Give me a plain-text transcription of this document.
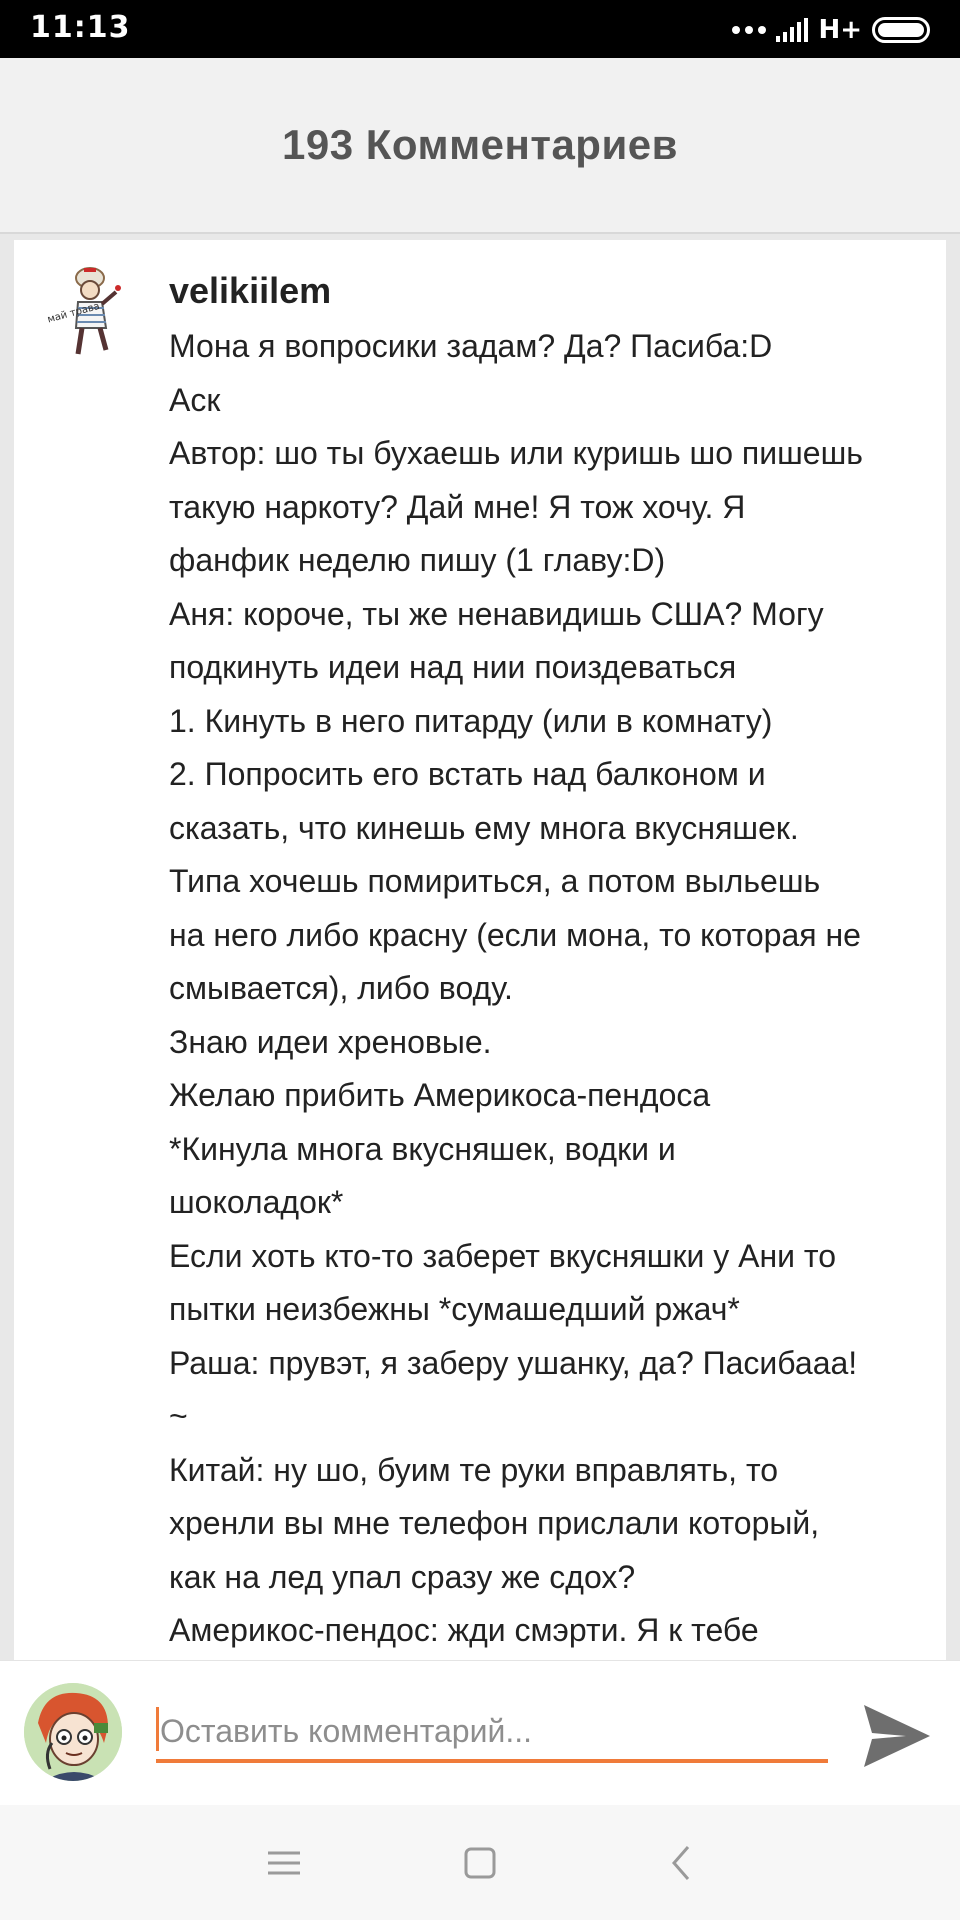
11:13	H+
193 Комментариев
май трава
velikiilem
Мона я вопросики задам? Да? Пасиба:D
Аск
Автор: шо ты бухаешь или куришь шо пишешь
такую наркоту? Дай мне! Я тож хочу. Я
фанфик неделю пишу (1 главу:D)
Аня: короче, ты же ненавидишь США? Могу
подкинуть идеи над нии поиздеваться
1. Кинуть в него питарду (или в комнату)
2. Попросить его встать над балконом и
сказать, что кинешь ему многа вкусняшек.
Типа хочешь помириться, а потом выльешь
на него либо красну (если мона, то которая не
смывается), либо воду.
Знаю идеи хреновые.
Желаю прибить Америкоса-пендоса
*Кинула многа вкусняшек, водки и
шоколадок*
Если хоть кто-то заберет вкусняшки у Ани то
пытки неизбежны *сумашедший ржач*
Раша: прувэт, я заберу ушанку, да? Пасибааа!
~
Китай: ну шо, буим те руки вправлять, то
хренли вы мне телефон прислали который,
как на лед упал сразу же сдох?
Америкос-пендос: жди смэрти. Я к тебе
Оставить комментарий...
